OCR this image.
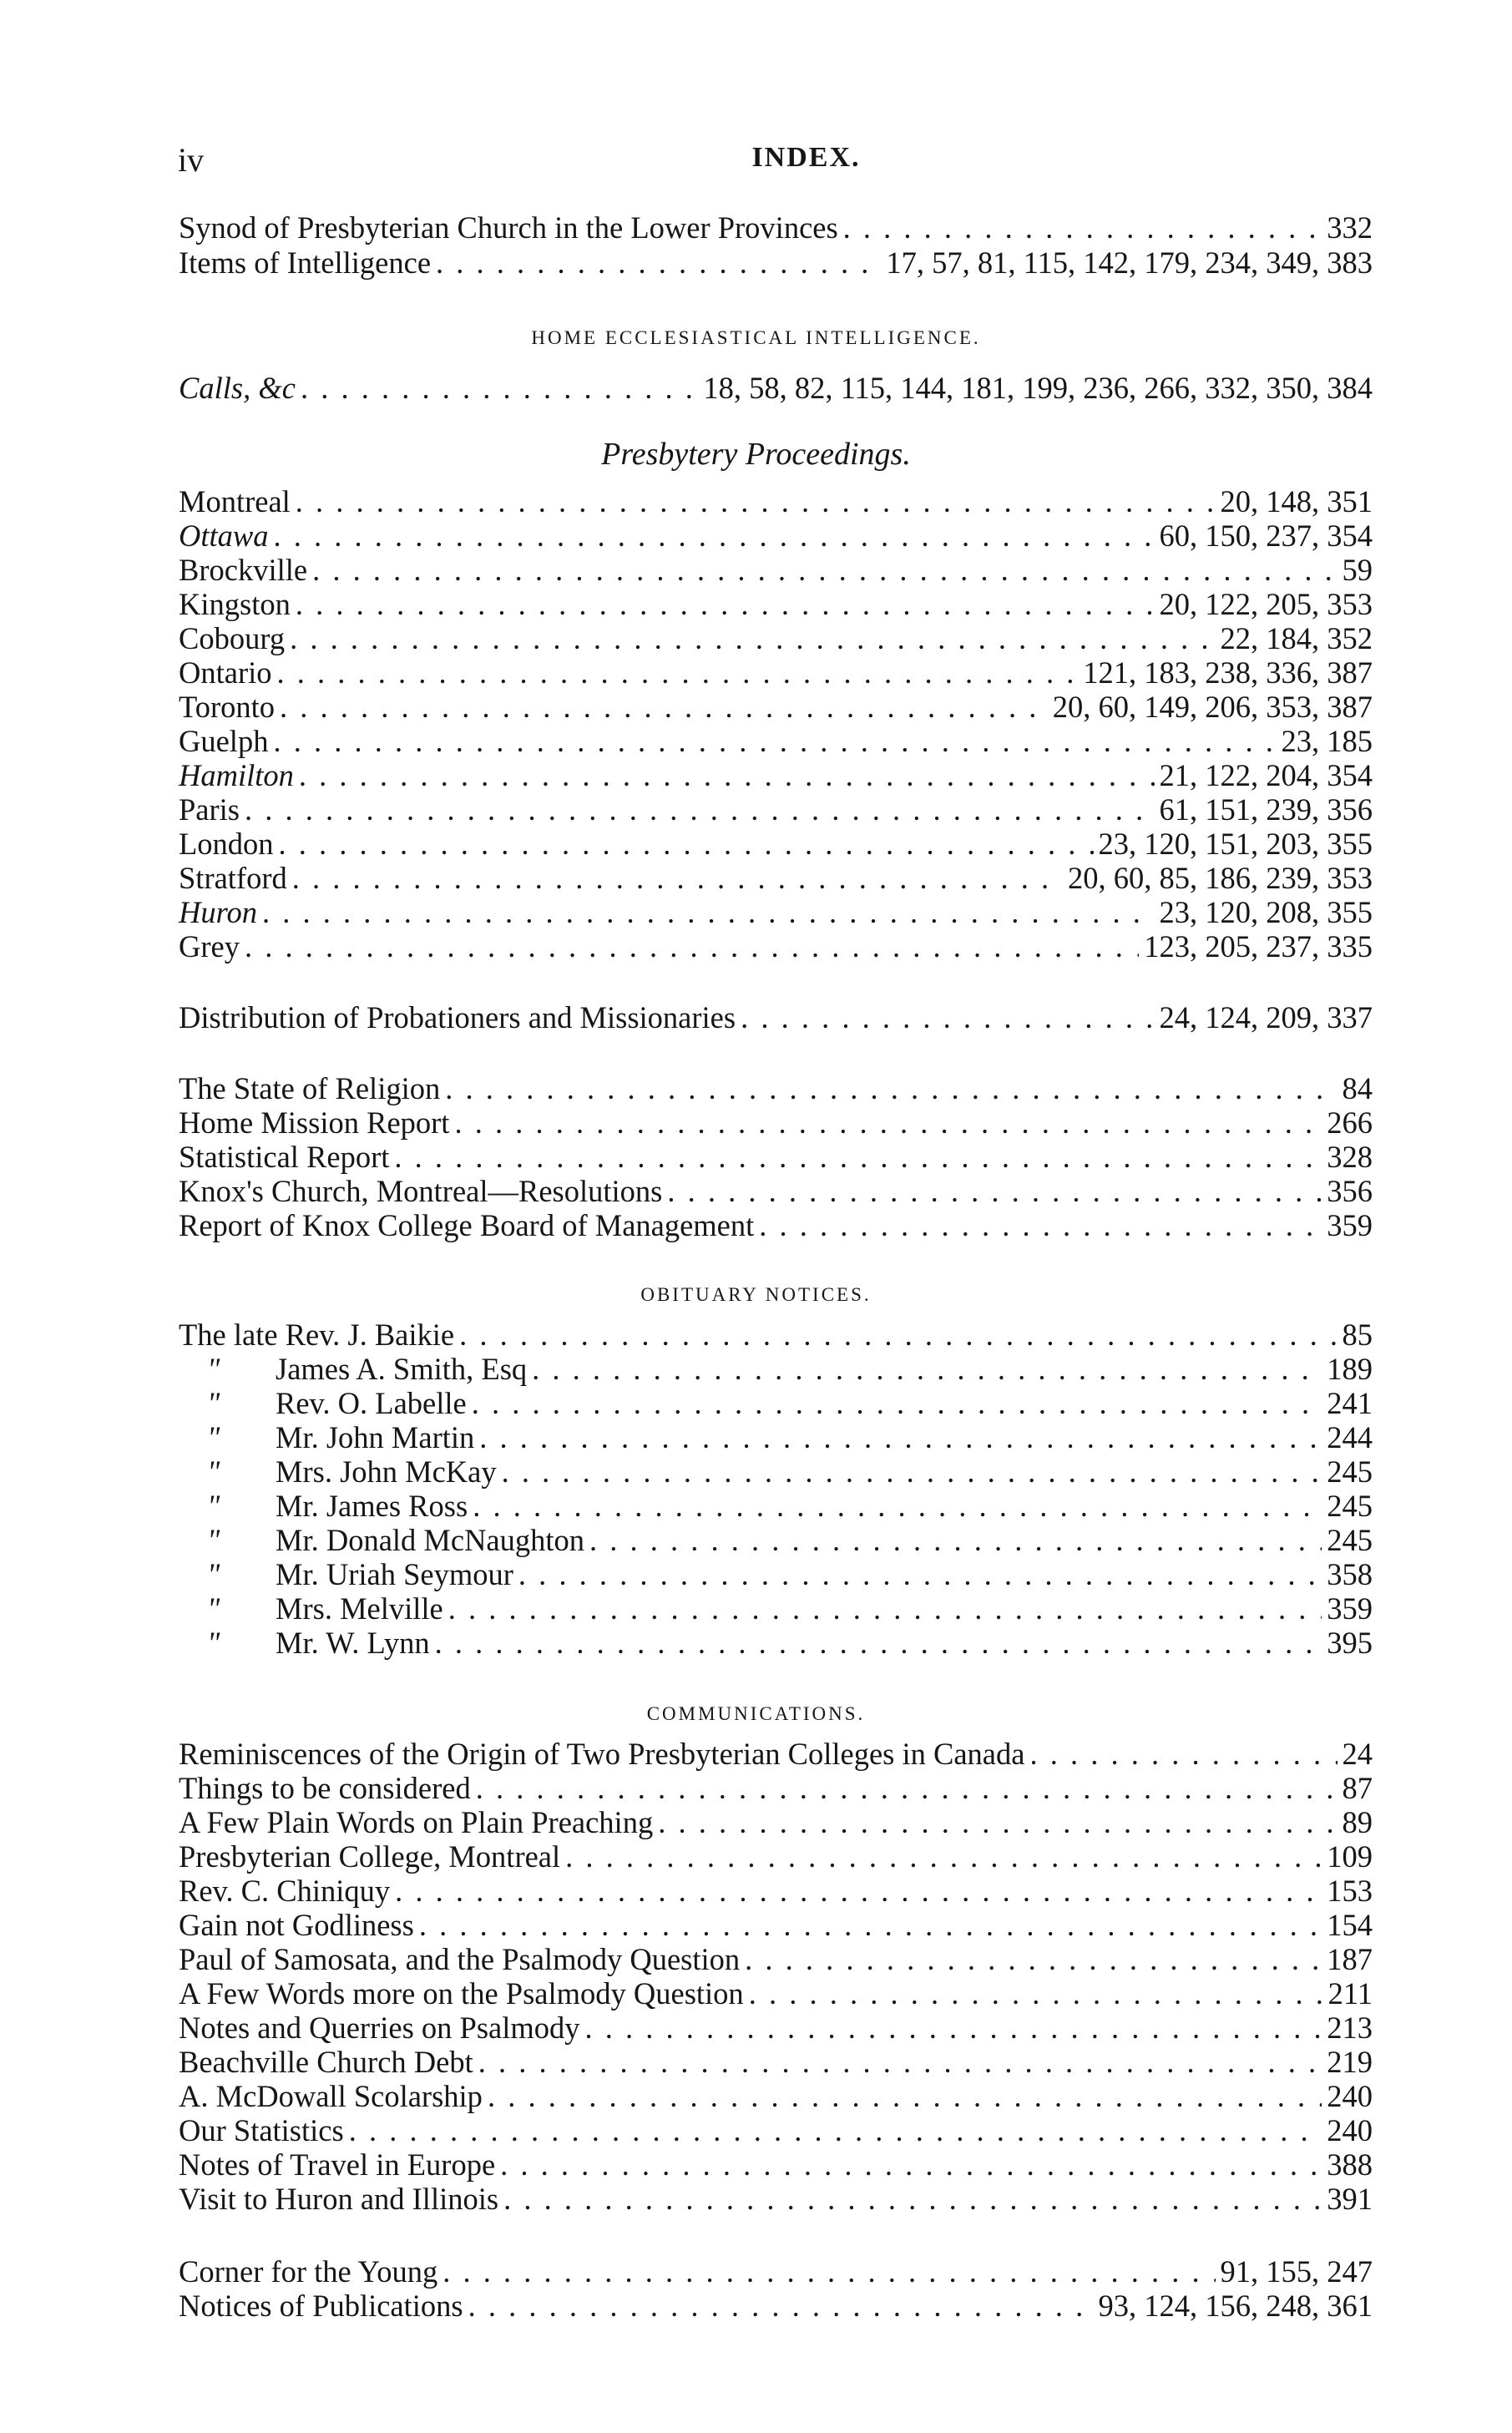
iv	INDEX.
Synod of Presbyterian Church in the Lower Provinces . . .	332
Items of Intelligence . . .	17, 57, 81, 115, 142, 179, 234, 349, 383
HOME ECCLESIASTICAL INTELLIGENCE.
Calls, &c . . .	18, 58, 82, 115, 144, 181, 199, 236, 266, 332, 350, 384
Presbytery Proceedings.
Montreal . . .	20, 148, 351
Ottawa . . .	60, 150, 237, 354
Brockville . . .	59
Kingston . . .	20, 122, 205, 353
Cobourg . . .	22, 184, 352
Ontario . . .	121, 183, 238, 336, 387
Toronto . . .	20, 60, 149, 206, 353, 387
Guelph . . .	23, 185
Hamilton . . .	21, 122, 204, 354
Paris . . .	61, 151, 239, 356
London . . .	23, 120, 151, 203, 355
Stratford . . .	20, 60, 85, 186, 239, 353
Huron . . .	23, 120, 208, 355
Grey . . .	123, 205, 237, 335
Distribution of Probationers and Missionaries . . .	24, 124, 209, 337
The State of Religion . . .	84
Home Mission Report . . .	266
Statistical Report . . .	328
Knox's Church, Montreal—Resolutions . . .	356
Report of Knox College Board of Management . . .	359
OBITUARY NOTICES.
The late Rev. J. Baikie . . .	85
" James A. Smith, Esq . . .	189
" Rev. O. Labelle . . .	241
" Mr. John Martin . . .	244
" Mrs. John McKay . . .	245
" Mr. James Ross . . .	245
" Mr. Donald McNaughton . . .	245
" Mr. Uriah Seymour . . .	358
" Mrs. Melville . . .	359
" Mr. W. Lynn . . .	395
COMMUNICATIONS.
Reminiscences of the Origin of Two Presbyterian Colleges in Canada . . .	24
Things to be considered . . .	87
A Few Plain Words on Plain Preaching . . .	89
Presbyterian College, Montreal . . .	109
Rev. C. Chiniquy . . .	153
Gain not Godliness . . .	154
Paul of Samosata, and the Psalmody Question . . .	187
A Few Words more on the Psalmody Question . . .	211
Notes and Querries on Psalmody . . .	213
Beachville Church Debt . . .	219
A. McDowall Scolarship . . .	240
Our Statistics . . .	240
Notes of Travel in Europe . . .	388
Visit to Huron and Illinois . . .	391
Corner for the Young . . .	91, 155, 247
Notices of Publications . . .	93, 124, 156, 248, 361
